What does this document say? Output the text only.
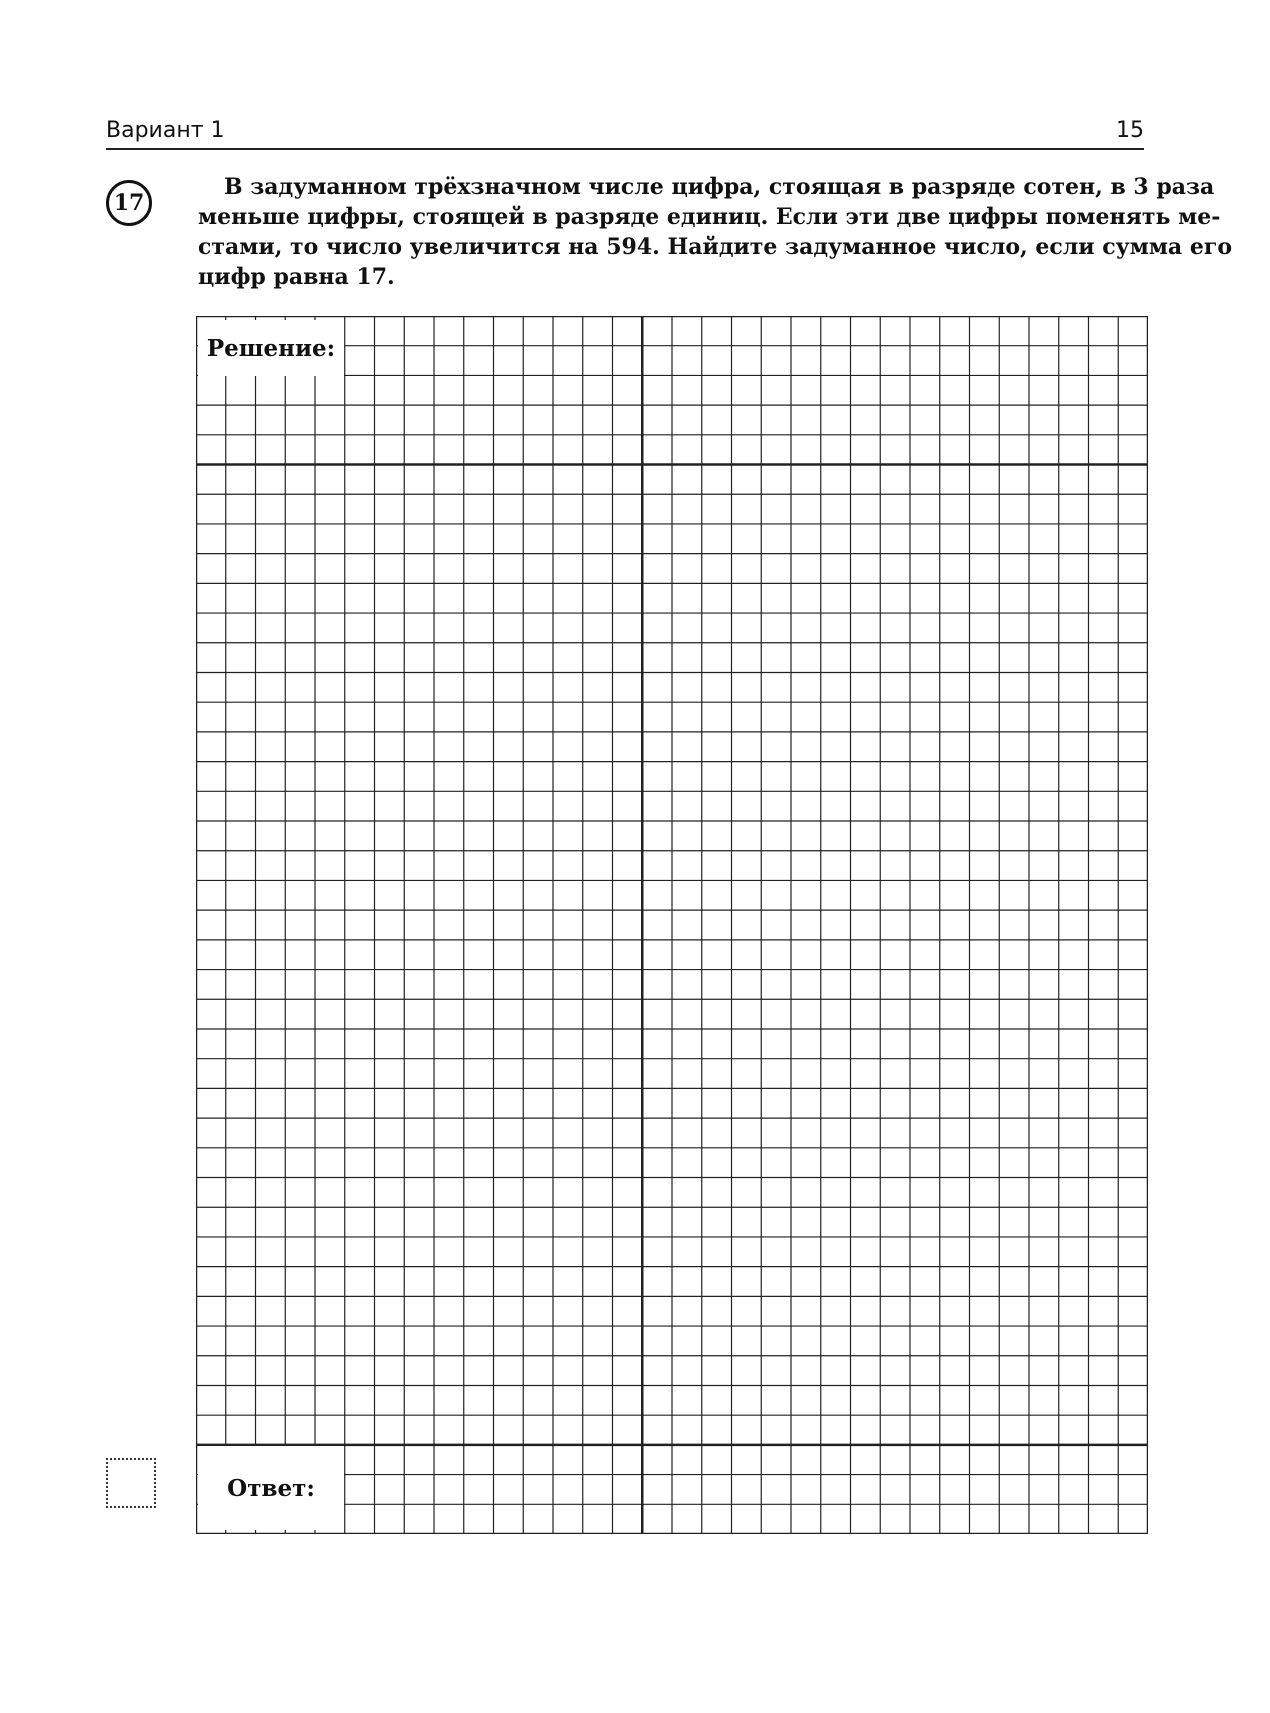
Вариант 1	15
17
В задуманном трёхзначном числе цифра, стоящая в разряде сотен, в 3 раза
меньше цифры, стоящей в разряде единиц. Если эти две цифры поменять ме-
стами, то число увеличится на 594. Найдите задуманное число, если сумма его
цифр равна 17.
Решение:
Ответ:
